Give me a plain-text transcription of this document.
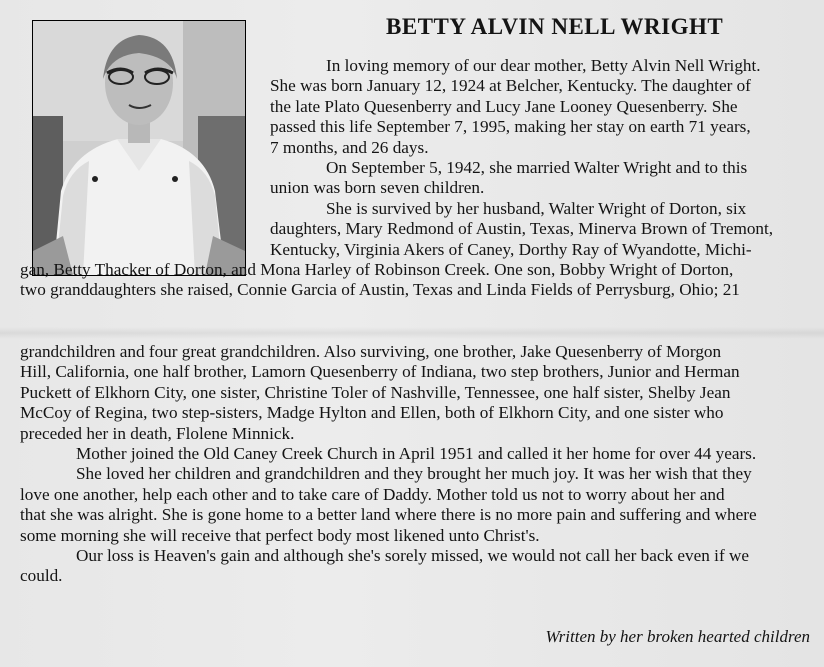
BETTY ALVIN NELL WRIGHT
In loving memory of our dear mother, Betty Alvin Nell Wright.
She was born January 12, 1924 at Belcher, Kentucky. The daughter of
the late Plato Quesenberry and Lucy Jane Looney Quesenberry. She
passed this life September 7, 1995, making her stay on earth 71 years,
7 months, and 26 days.
On September 5, 1942, she married Walter Wright and to this
union was born seven children.
She is survived by her husband, Walter Wright of Dorton, six
daughters, Mary Redmond of Austin, Texas, Minerva Brown of Tremont,
Kentucky, Virginia Akers of Caney, Dorthy Ray of Wyandotte, Michi-
gan, Betty Thacker of Dorton, and Mona Harley of Robinson Creek. One son, Bobby Wright of Dorton,
two granddaughters she raised, Connie Garcia of Austin, Texas and Linda Fields of Perrysburg, Ohio; 21
grandchildren and four great grandchildren. Also surviving, one brother, Jake Quesenberry of Morgon
Hill, California, one half brother, Lamorn Quesenberry of Indiana, two step brothers, Junior and Herman
Puckett of Elkhorn City, one sister, Christine Toler of Nashville, Tennessee, one half sister, Shelby Jean
McCoy of Regina, two step-sisters, Madge Hylton and Ellen, both of Elkhorn City, and one sister who
preceded her in death, Flolene Minnick.
Mother joined the Old Caney Creek Church in April 1951 and called it her home for over 44 years.
She loved her children and grandchildren and they brought her much joy. It was her wish that they
love one another, help each other and to take care of Daddy. Mother told us not to worry about her and
that she was alright. She is gone home to a better land where there is no more pain and suffering and where
some morning she will receive that perfect body most likened unto Christ's.
Our loss is Heaven's gain and although she's sorely missed, we would not call her back even if we
could.

Written by her broken hearted children
